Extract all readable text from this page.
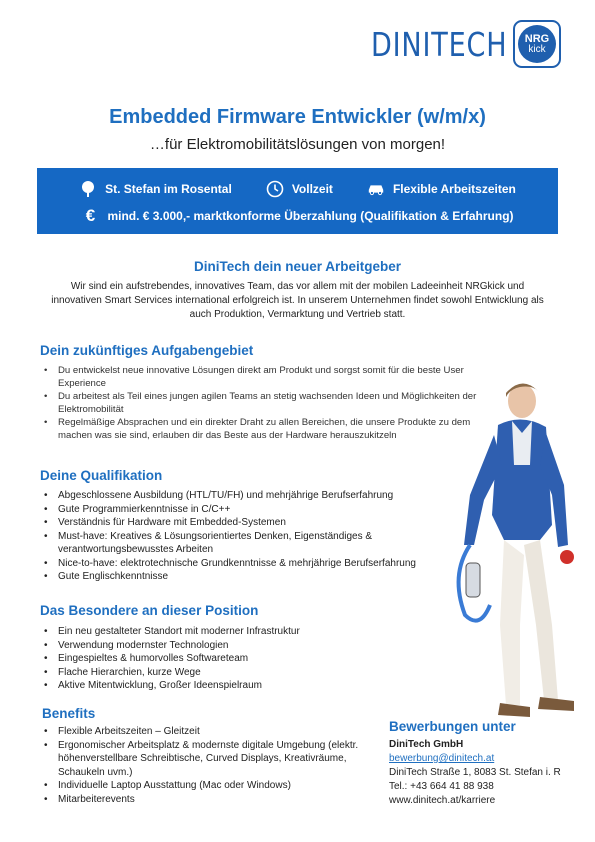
DINITECH NRG
kick
Embedded Firmware Entwickler (w/m/x)
…für Elektromobilitätslösungen von morgen!
St. Stefan im Rosental	Vollzeit	Flexible Arbeitszeiten
€	mind. € 3.000,- marktkonforme Überzahlung (Qualifikation & Erfahrung)
DiniTech dein neuer Arbeitgeber
Wir sind ein aufstrebendes, innovatives Team, das vor allem mit der mobilen Ladeeinheit NRGkick und innovativen Smart Services international erfolgreich ist. In unserem Unternehmen findet sowohl Entwicklung als auch Produktion, Vermarktung und Vertrieb statt.
Dein zukünftiges Aufgabengebiet
• Du entwickelst neue innovative Lösungen direkt am Produkt und sorgst somit für die beste User Experience
• Du arbeitest als Teil eines jungen agilen Teams an stetig wachsenden Ideen und Möglichkeiten der Elektromobilität
• Regelmäßige Absprachen und ein direkter Draht zu allen Bereichen, die unsere Produkte zu dem machen was sie sind, erlauben dir das Beste aus der Hardware herauszukitzeln
Deine Qualifikation
• Abgeschlossene Ausbildung (HTL/TU/FH) und mehrjährige Berufserfahrung
• Gute Programmierkenntnisse in C/C++
• Verständnis für Hardware mit Embedded-Systemen
• Must-have: Kreatives & Lösungsorientiertes Denken, Eigenständiges & verantwortungsbewusstes Arbeiten
• Nice-to-have: elektrotechnische Grundkenntnisse & mehrjährige Berufserfahrung
• Gute Englischkenntnisse
Das Besondere an dieser Position
• Ein neu gestalteter Standort mit moderner Infrastruktur
• Verwendung modernster Technologien
• Eingespieltes & humorvolles Softwareteam
• Flache Hierarchien, kurze Wege
• Aktive Mitentwicklung, Großer Ideenspielraum
Benefits
• Flexible Arbeitszeiten – Gleitzeit
• Ergonomischer Arbeitsplatz & modernste digitale Umgebung (elektr. höhenverstellbare Schreibtische, Curved Displays, Kreativräume, Schaukeln uvm.)
• Individuelle Laptop Ausstattung (Mac oder Windows)
• Mitarbeiterevents
Bewerbungen unter
DiniTech GmbH
bewerbung@dinitech.at
DiniTech Straße 1, 8083 St. Stefan i. R
Tel.: +43 664 41 88 938
www.dinitech.at/karriere
